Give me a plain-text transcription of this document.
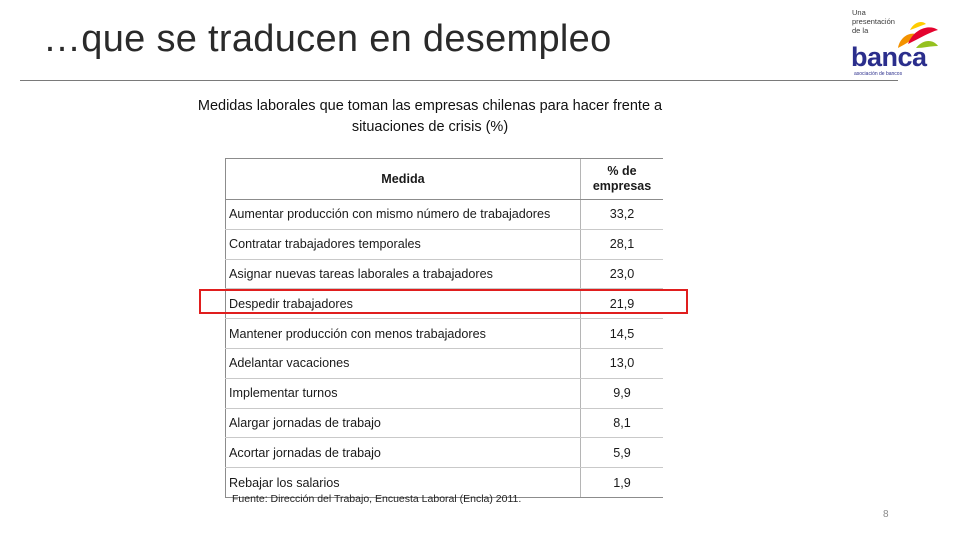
…que se traducen en desempleo
Una presentación de la
banca
asociación de bancos
Medidas laborales que toman las empresas chilenas para hacer frente a situaciones de crisis (%)
Medida	% de empresas
Aumentar producción con mismo número de trabajadores	33,2
Contratar trabajadores temporales	28,1
Asignar nuevas tareas laborales a trabajadores	23,0
Despedir trabajadores	21,9
Mantener producción con menos trabajadores	14,5
Adelantar vacaciones	13,0
Implementar turnos	9,9
Alargar jornadas de trabajo	8,1
Acortar jornadas de trabajo	5,9
Rebajar los salarios	1,9
Fuente: Dirección del Trabajo, Encuesta Laboral (Encla) 2011.
8
